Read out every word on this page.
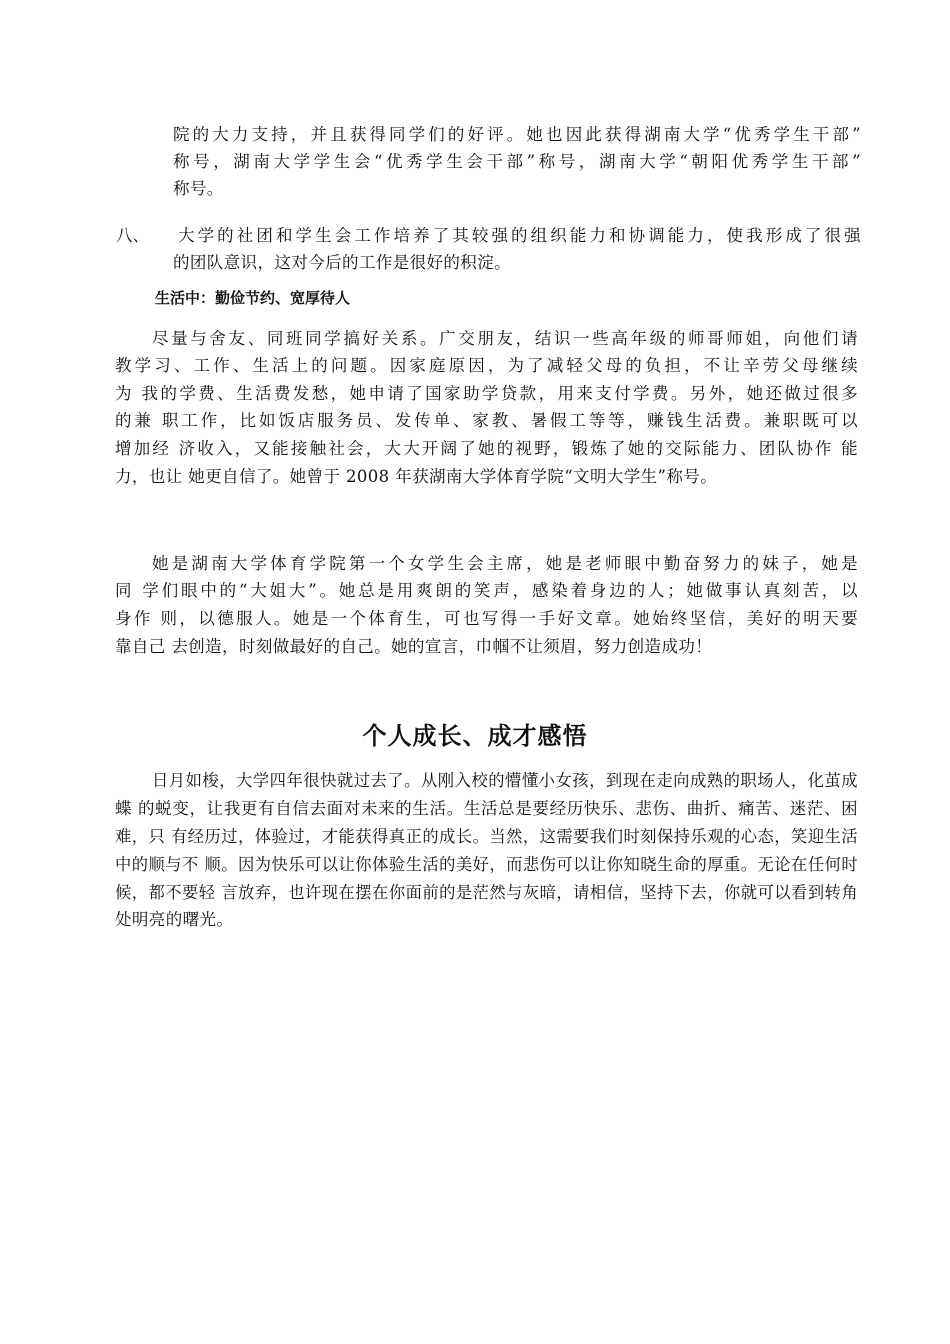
院的大力支持，并且获得同学们的好评。她也因此获得湖南大学“优秀学生干部”
称号，湖南大学学生会“优秀学生会干部”称号，湖南大学“朝阳优秀学生干部”
称号。
八、 大学的社团和学生会工作培养了其较强的组织能力和协调能力，使我形成了很强
的团队意识，这对今后的工作是很好的积淀。
生活中：勤俭节约、宽厚待人
尽量与舍友、同班同学搞好关系。广交朋友，结识一些高年级的师哥师姐，向他们请
教学习、工作、生活上的问题。因家庭原因，为了减轻父母的负担，不让辛劳父母继续
为 我的学费、生活费发愁，她申请了国家助学贷款，用来支付学费。另外，她还做过很多
的兼 职工作，比如饭店服务员、发传单、家教、暑假工等等，赚钱生活费。兼职既可以
增加经 济收入，又能接触社会，大大开阔了她的视野，锻炼了她的交际能力、团队协作 能
力，也让 她更自信了。她曾于 2008 年获湖南大学体育学院“文明大学生”称号。
她是湖南大学体育学院第一个女学生会主席，她是老师眼中勤奋努力的妹子，她是
同 学们眼中的“大姐大”。她总是用爽朗的笑声，感染着身边的人；她做事认真刻苦，以
身作 则，以德服人。她是一个体育生，可也写得一手好文章。她始终坚信，美好的明天要
靠自己 去创造，时刻做最好的自己。她的宣言，巾帼不让须眉，努力创造成功！
个人成长、成才感悟
日月如梭，大学四年很快就过去了。从刚入校的懵懂小女孩，到现在走向成熟的职场人，化茧成
蝶 的蜕变，让我更有自信去面对未来的生活。生活总是要经历快乐、悲伤、曲折、痛苦、迷茫、困
难，只 有经历过，体验过，才能获得真正的成长。当然，这需要我们时刻保持乐观的心态，笑迎生活
中的顺与不 顺。因为快乐可以让你体验生活的美好，而悲伤可以让你知晓生命的厚重。无论在任何时
候，都不要轻 言放弃，也许现在摆在你面前的是茫然与灰暗，请相信，坚持下去，你就可以看到转角
处明亮的曙光。
